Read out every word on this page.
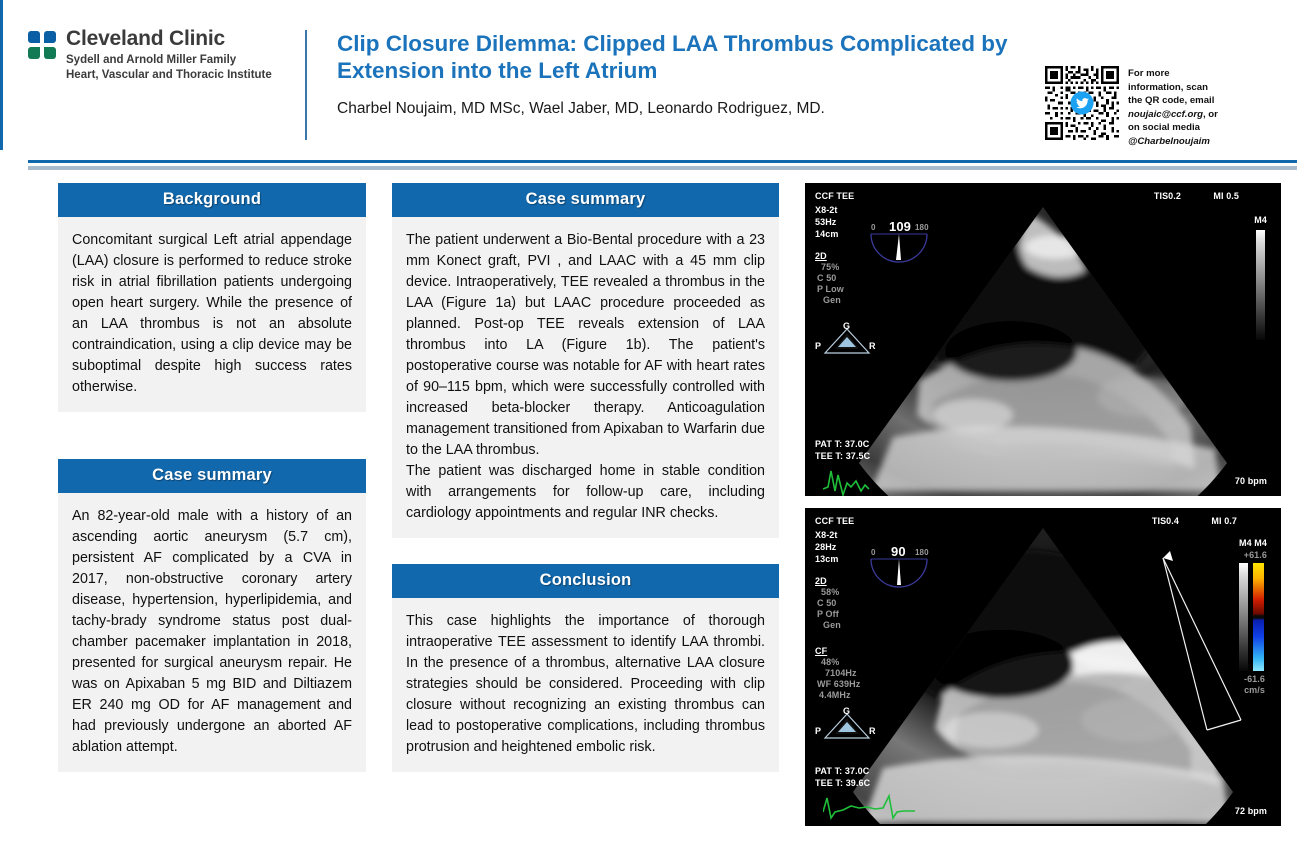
Cleveland Clinic
Sydell and Arnold Miller Family
Heart, Vascular and Thoracic Institute
Clip Closure Dilemma: Clipped LAA Thrombus Complicated by Extension into the Left Atrium
Charbel Noujaim, MD MSc, Wael Jaber, MD, Leonardo Rodriguez, MD.
For more
information, scan
the QR code, email
noujaic@ccf.org, or
on social media
@Charbelnoujaim
Background
Concomitant surgical Left atrial appendage (LAA) closure is performed to reduce stroke risk in atrial fibrillation patients undergoing open heart surgery. While the presence of an LAA thrombus is not an absolute contraindication, using a clip device may be suboptimal despite high success rates otherwise.
Case summary
An 82-year-old male with a history of an ascending aortic aneurysm (5.7 cm), persistent AF complicated by a CVA in 2017, non-obstructive coronary artery disease, hypertension, hyperlipidemia, and tachy-brady syndrome status post dual-chamber pacemaker implantation in 2018, presented for surgical aneurysm repair. He was on Apixaban 5 mg BID and Diltiazem ER 240 mg OD for AF management and had previously undergone an aborted AF ablation attempt.
Case summary

The patient underwent a Bio-Bental procedure with a 23 mm Konect graft, PVI , and LAAC with a 45 mm clip device. Intraoperatively, TEE revealed a thrombus in the LAA (Figure 1a) but LAAC procedure proceeded as planned. Post-op TEE reveals extension of LAA thrombus into LA (Figure 1b). The patient's postoperative course was notable for AF with heart rates of 90–115 bpm, which were successfully controlled with increased beta-blocker therapy. Anticoagulation management transitioned from Apixaban to Warfarin due to the LAA thrombus.

The patient was discharged home in stable condition with arrangements for follow-up care, including cardiology appointments and regular INR checks.

Conclusion
This case highlights the importance of thorough intraoperative TEE assessment to identify LAA thrombi. In the presence of a thrombus, alternative LAA closure strategies should be considered. Proceeding with clip closure without recognizing an existing thrombus can lead to postoperative complications, including thrombus protrusion and heightened embolic risk.
CCF TEE
X8-2t
53Hz
14cm
2D
75%
C 50
P Low
Gen
0 109 180
TIS0.2	MI 0.5
M4
G
P	R
PAT T: 37.0C
TEE T: 37.5C
70 bpm
CCF TEE
X8-2t
28Hz
13cm
2D
58%
C 50
P Off
Gen
CF
48%
7104Hz
WF 639Hz
4.4MHz
0 90 180
TIS0.4	MI 0.7
M4 M4
+61.6
-61.6
cm/s
G
P	R
PAT T: 37.0C
TEE T: 39.6C
72 bpm
